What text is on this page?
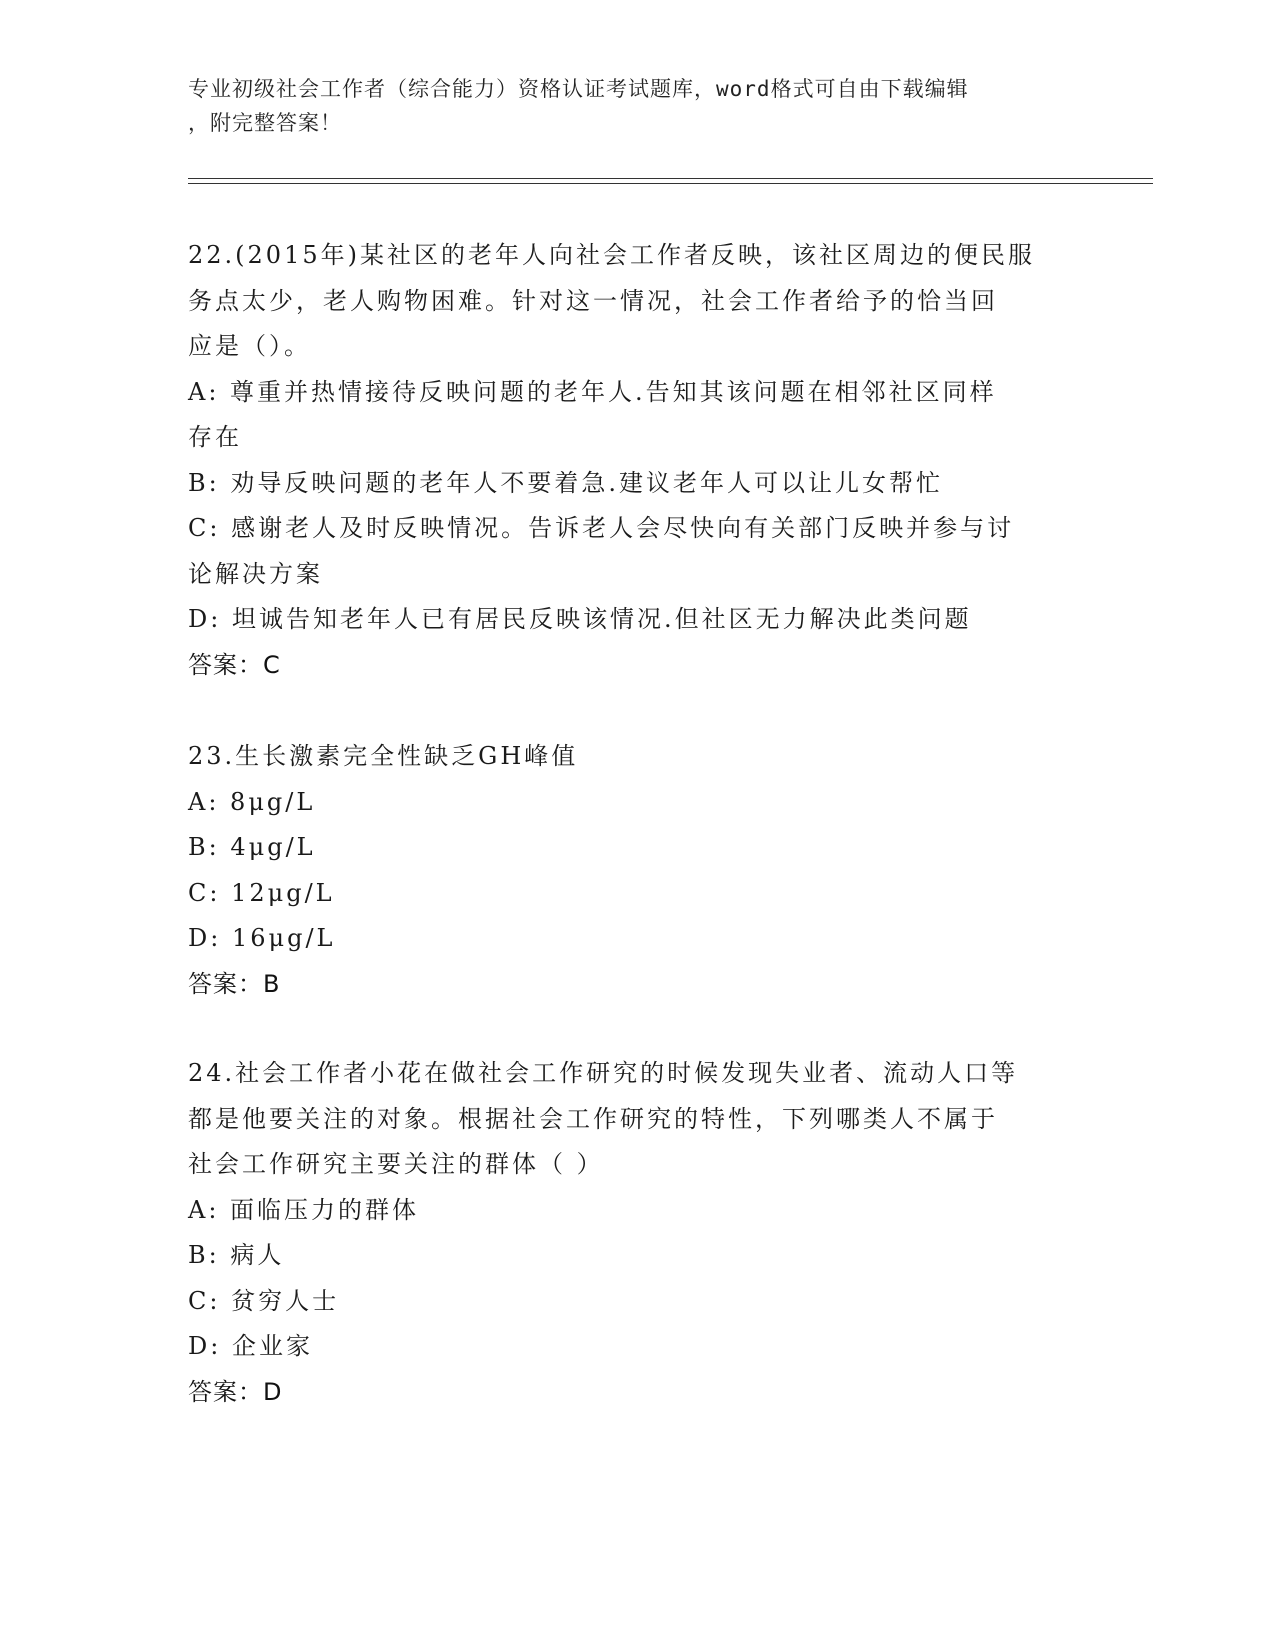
专业初级社会工作者（综合能力）资格认证考试题库，word格式可自由下载编辑
，附完整答案！
22.(2015年)某社区的老年人向社会工作者反映，该社区周边的便民服
务点太少，老人购物困难。针对这一情况，社会工作者给予的恰当回
应是（）。
A: 尊重并热情接待反映问题的老年人.告知其该问题在相邻社区同样
存在
B: 劝导反映问题的老年人不要着急.建议老年人可以让儿女帮忙
C: 感谢老人及时反映情况。告诉老人会尽快向有关部门反映并参与讨
论解决方案
D: 坦诚告知老年人已有居民反映该情况.但社区无力解决此类问题
答案：C
23.生长激素完全性缺乏GH峰值
A: 8μg/L
B: 4μg/L
C: 12μg/L
D: 16μg/L
答案：B
24.社会工作者小花在做社会工作研究的时候发现失业者、流动人口等
都是他要关注的对象。根据社会工作研究的特性，下列哪类人不属于
社会工作研究主要关注的群体（ ）
A: 面临压力的群体
B: 病人
C: 贫穷人士
D: 企业家
答案：D
